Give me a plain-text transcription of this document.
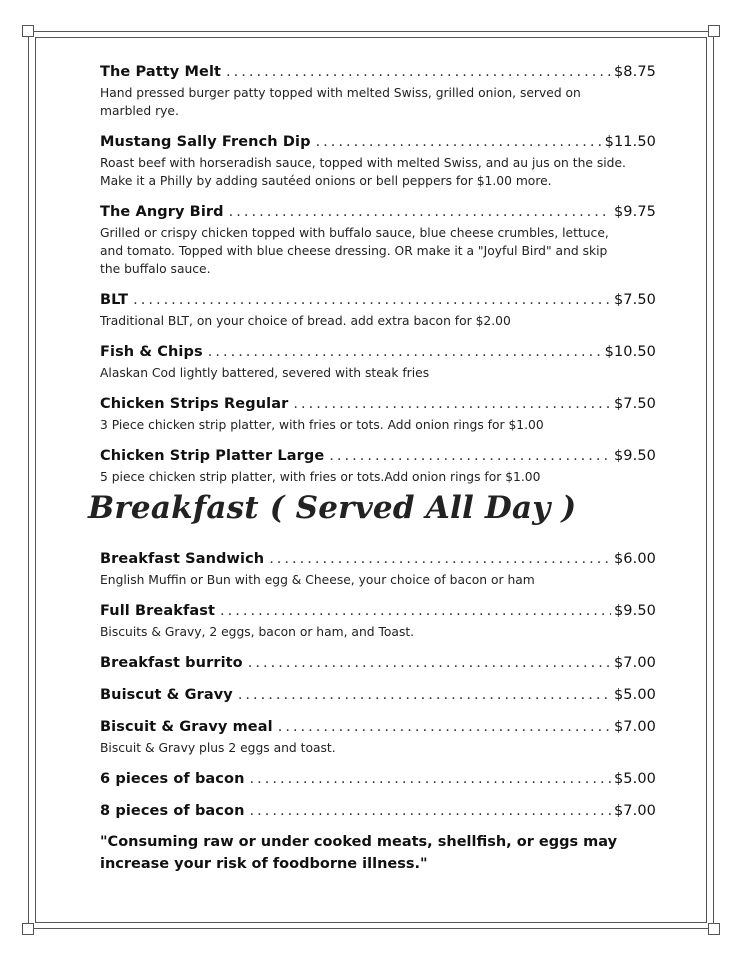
The Patty Melt . . .	$8.75
Hand pressed burger patty topped with melted Swiss, grilled onion, served on marbled rye.
Mustang Sally French Dip . . .	$11.50
Roast beef with horseradish sauce, topped with melted Swiss, and au jus on the side. Make it a Philly by adding sautéed onions or bell peppers for $1.00 more.
The Angry Bird . . .	$9.75
Grilled or crispy chicken topped with buffalo sauce, blue cheese crumbles, lettuce, and tomato. Topped with blue cheese dressing. OR make it a "Joyful Bird" and skip the buffalo sauce.
BLT . . .	$7.50
Traditional BLT, on your choice of bread. add extra bacon for $2.00
Fish & Chips . . .	$10.50
Alaskan Cod lightly battered, severed with steak fries
Chicken Strips Regular . . .	$7.50
3 Piece chicken strip platter, with fries or tots. Add onion rings for $1.00
Chicken Strip Platter Large . . .	$9.50
5 piece chicken strip platter, with fries or tots.Add onion rings for $1.00
Breakfast ( Served All Day )
Breakfast Sandwich . . .	$6.00
English Muffin or Bun with egg & Cheese, your choice of bacon or ham
Full Breakfast . . .	$9.50
Biscuits & Gravy, 2 eggs, bacon or ham, and Toast.
Breakfast burrito . . .	$7.00
Buiscut & Gravy . . .	$5.00
Biscuit & Gravy meal . . .	$7.00
Biscuit & Gravy plus 2 eggs and toast.
6 pieces of bacon . . .	$5.00
8 pieces of bacon . . .	$7.00
"Consuming raw or under cooked meats, shellfish, or eggs may increase your risk of foodborne illness."
